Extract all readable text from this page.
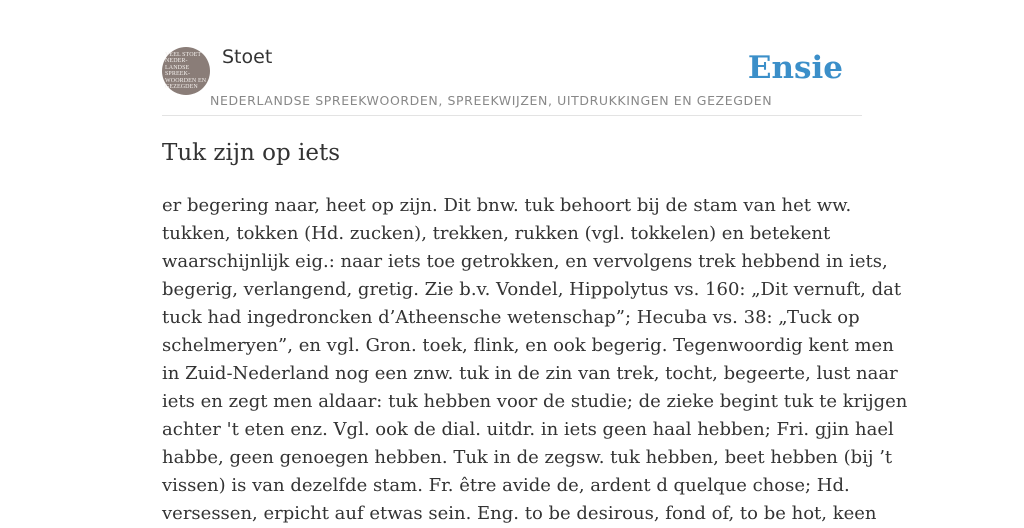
VEEL STOET
NEDER-
LANDSE
SPREEK-
WOORDEN EN
GEZEGDEN
Stoet
NEDERLANDSE SPREEKWOORDEN, SPREEKWIJZEN, UITDRUKKINGEN EN GEZEGDEN
Ensie
Tuk zijn op iets
er begering naar, heet op zijn. Dit bnw. tuk behoort bij de stam van het ww.
tukken, tokken (Hd. zucken), trekken, rukken (vgl. tokkelen) en betekent
waarschijnlijk eig.: naar iets toe getrokken, en vervolgens trek hebbend in iets,
begerig, verlangend, gretig. Zie b.v. Vondel, Hippolytus vs. 160: „Dit vernuft, dat
tuck had ingedroncken d’Atheensche wetenschap”; Hecuba vs. 38: „Tuck op
schelmeryen”, en vgl. Gron. toek, flink, en ook begerig. Tegenwoordig kent men
in Zuid-Nederland nog een znw. tuk in de zin van trek, tocht, begeerte, lust naar
iets en zegt men aldaar: tuk hebben voor de studie; de zieke begint tuk te krijgen
achter 't eten enz. Vgl. ook de dial. uitdr. in iets geen haal hebben; Fri. gjin hael
habbe, geen genoegen hebben. Tuk in de zegsw. tuk hebben, beet hebben (bij ’t
vissen) is van dezelfde stam. Fr. être avide de, ardent d quelque chose; Hd.
versessen, erpicht auf etwas sein. Eng. to be desirous, fond of, to be hot, keen
